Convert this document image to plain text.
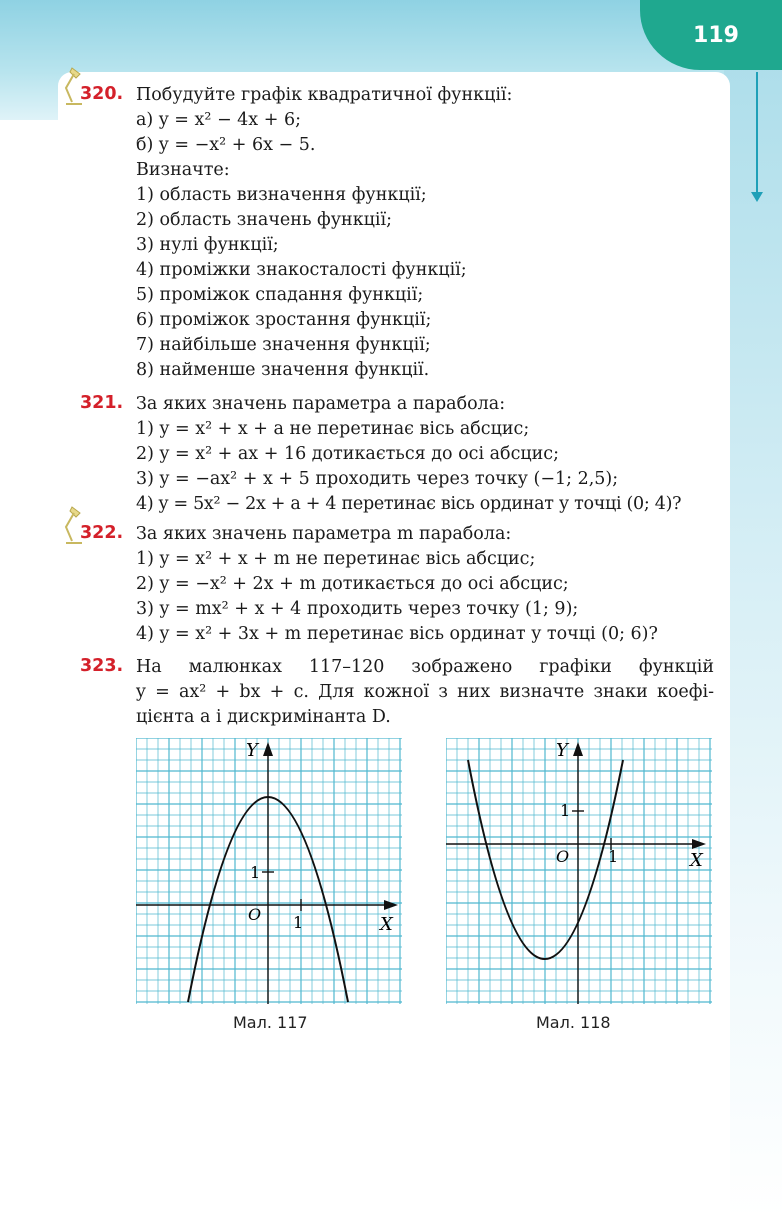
119
320. Побудуйте графік квадратичної функції:
а) y = x² − 4x + 6;
б) y = −x² + 6x − 5.
Визначте:
1) область визначення функції;
2) область значень функції;
3) нулі функції;
4) проміжки знакосталості функції;
5) проміжок спадання функції;
6) проміжок зростання функції;
7) найбільше значення функції;
8) найменше значення функції.
321. За яких значень параметра a парабола:
1) y = x² + x + a не перетинає вісь абсцис;
2) y = x² + ax + 16 дотикається до осі абсцис;
3) y = −ax² + x + 5 проходить через точку (−1; 2,5);
4) y = 5x² − 2x + a + 4 перетинає вісь ординат у точці (0; 4)?
322. За яких значень параметра m парабола:
1) y = x² + x + m не перетинає вісь абсцис;
2) y = −x² + 2x + m дотикається до осі абсцис;
3) y = mx² + x + 4 проходить через точку (1; 9);
4) y = x² + 3x + m перетинає вісь ординат у точці (0; 6)?
323. На малюнках 117–120 зображено графіки функцій
y = ax² + bx + c. Для кожної з них визначте знаки коефі-
цієнта a і дискримінанта D.
Y
X
O 1
1
Мал. 117
Y
X
O 1
1
Мал. 118
